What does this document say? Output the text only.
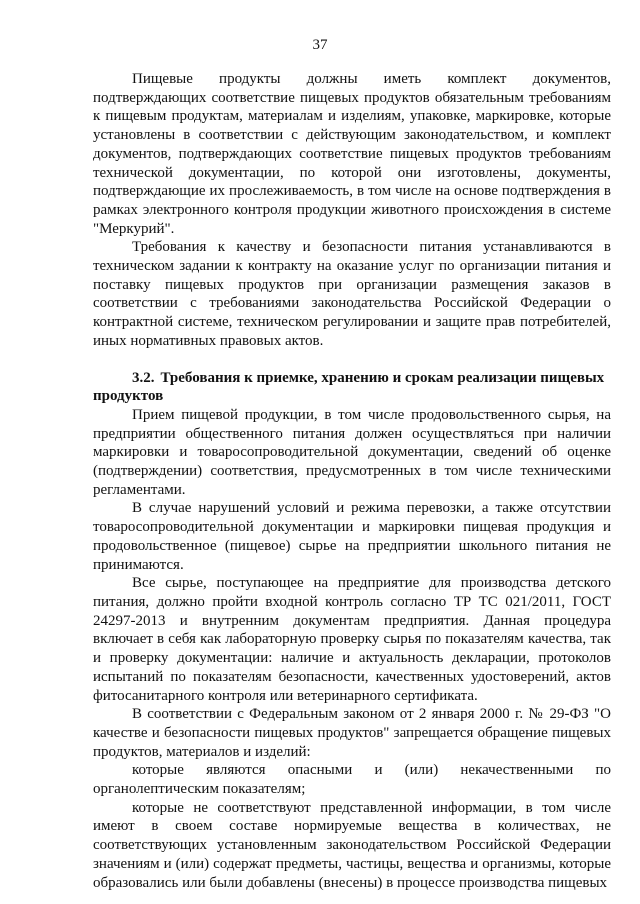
37

Пищевые продукты должны иметь комплект документов, подтверждающих соответствие пищевых продуктов обязательным требованиям к пищевым продуктам, материалам и изделиям, упаковке, маркировке, которые установлены в соответствии с действующим законодательством, и комплект документов, подтверждающих соответствие пищевых продуктов требованиям технической документации, по которой они изготовлены, документы, подтверждающие их прослеживаемость, в том числе на основе подтверждения в рамках электронного контроля продукции животного происхождения в системе "Меркурий".

Требования к качеству и безопасности питания устанавливаются в техническом задании к контракту на оказание услуг по организации питания и поставку пищевых продуктов при организации размещения заказов в соответствии с требованиями законодательства Российской Федерации о контрактной системе, техническом регулировании и защите прав потребителей, иных нормативных правовых актов.

3.2. Требования к приемке, хранению и срокам реализации пищевых продуктов

Прием пищевой продукции, в том числе продовольственного сырья, на предприятии общественного питания должен осуществляться при наличии маркировки и товаросопроводительной документации, сведений об оценке (подтверждении) соответствия, предусмотренных в том числе техническими регламентами.

В случае нарушений условий и режима перевозки, а также отсутствии товаросопроводительной документации и маркировки пищевая продукция и продовольственное (пищевое) сырье на предприятии школьного питания не принимаются.

Все сырье, поступающее на предприятие для производства детского питания, должно пройти входной контроль согласно ТР ТС 021/2011, ГОСТ 24297-2013 и внутренним документам предприятия. Данная процедура включает в себя как лабораторную проверку сырья по показателям качества, так и проверку документации: наличие и актуальность декларации, протоколов испытаний по показателям безопасности, качественных удостоверений, актов фитосанитарного контроля или ветеринарного сертификата.

В соответствии с Федеральным законом от 2 января 2000 г. № 29-ФЗ "О качестве и безопасности пищевых продуктов" запрещается обращение пищевых продуктов, материалов и изделий:

которые являются опасными и (или) некачественными по органолептическим показателям;

которые не соответствуют представленной информации, в том числе имеют в своем составе нормируемые вещества в количествах, не соответствующих установленным законодательством Российской Федерации значениям и (или) содержат предметы, частицы, вещества и организмы, которые образовались или были добавлены (внесены) в процессе производства пищевых
